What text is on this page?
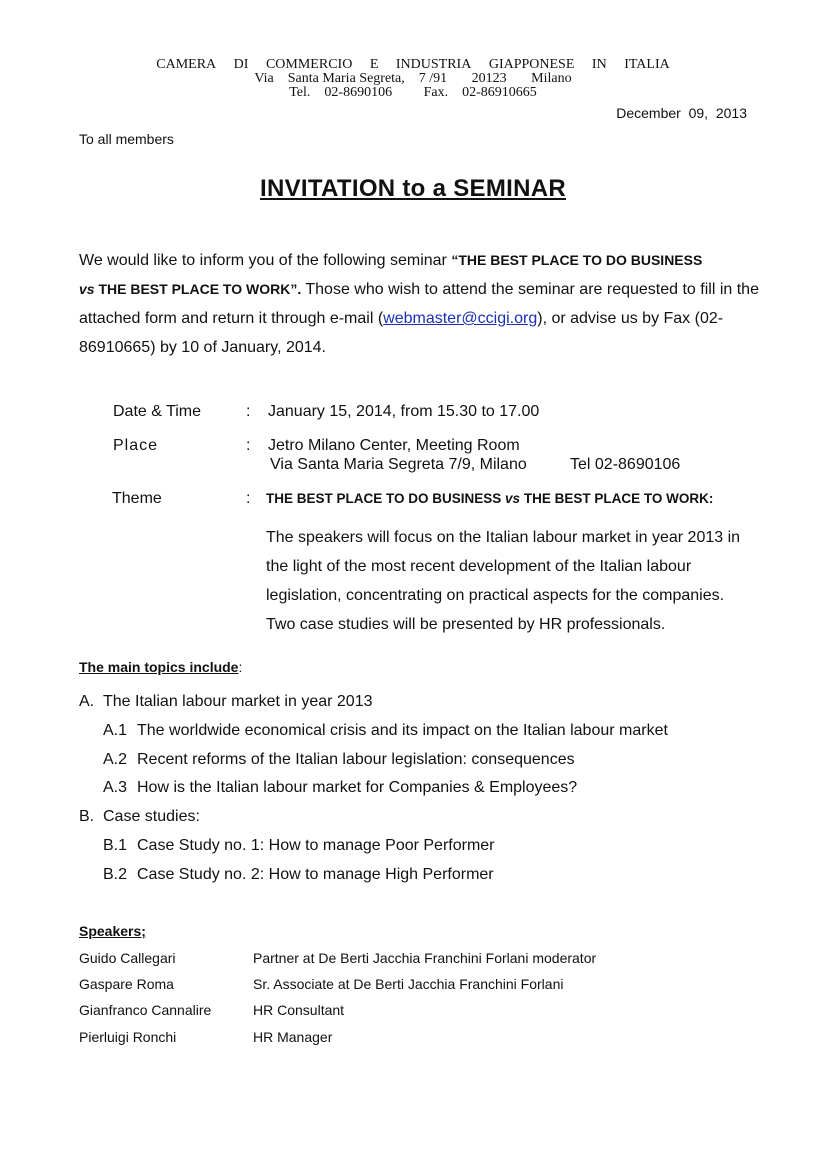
CAMERA DI COMMERCIO E INDUSTRIA GIAPPONESE IN ITALIA
Via Santa Maria Segreta, 7 /91 20123 Milano
Tel. 02-8690106 Fax. 02-86910665
December  09,  2013
To all members
INVITATION to a SEMINAR
We would like to inform you of the following seminar “THE BEST PLACE TO DO BUSINESS
vs THE BEST PLACE TO WORK”. Those who wish to attend the seminar are requested to fill in the attached form and return it through e-mail (webmaster@ccigi.org), or advise us by Fax (02-86910665) by 10 of January, 2014.
Date & Time	: January 15, 2014, from 15.30 to 17.00
Place	: Jetro Milano Center, Meeting Room
Via Santa Maria Segreta 7/9, Milano	Tel 02-8690106
Theme	: THE BEST PLACE TO DO BUSINESS vs THE BEST PLACE TO WORK:
The speakers will focus on the Italian labour market in year 2013 in the light of the most recent development of the Italian labour legislation, concentrating on practical aspects for the companies. Two case studies will be presented by HR professionals.
The main topics include:
A. The Italian labour market in year 2013
A.1 The worldwide economical crisis and its impact on the Italian labour market
A.2 Recent reforms of the Italian labour legislation: consequences
A.3 How is the Italian labour market for Companies & Employees?
B. Case studies:
B.1 Case Study no. 1: How to manage Poor Performer
B.2 Case Study no. 2: How to manage High Performer
Speakers;
Guido Callegari	Partner at De Berti Jacchia Franchini Forlani moderator
Gaspare Roma	Sr. Associate at De Berti Jacchia Franchini Forlani
Gianfranco Cannalire	HR Consultant
Pierluigi Ronchi	HR Manager
